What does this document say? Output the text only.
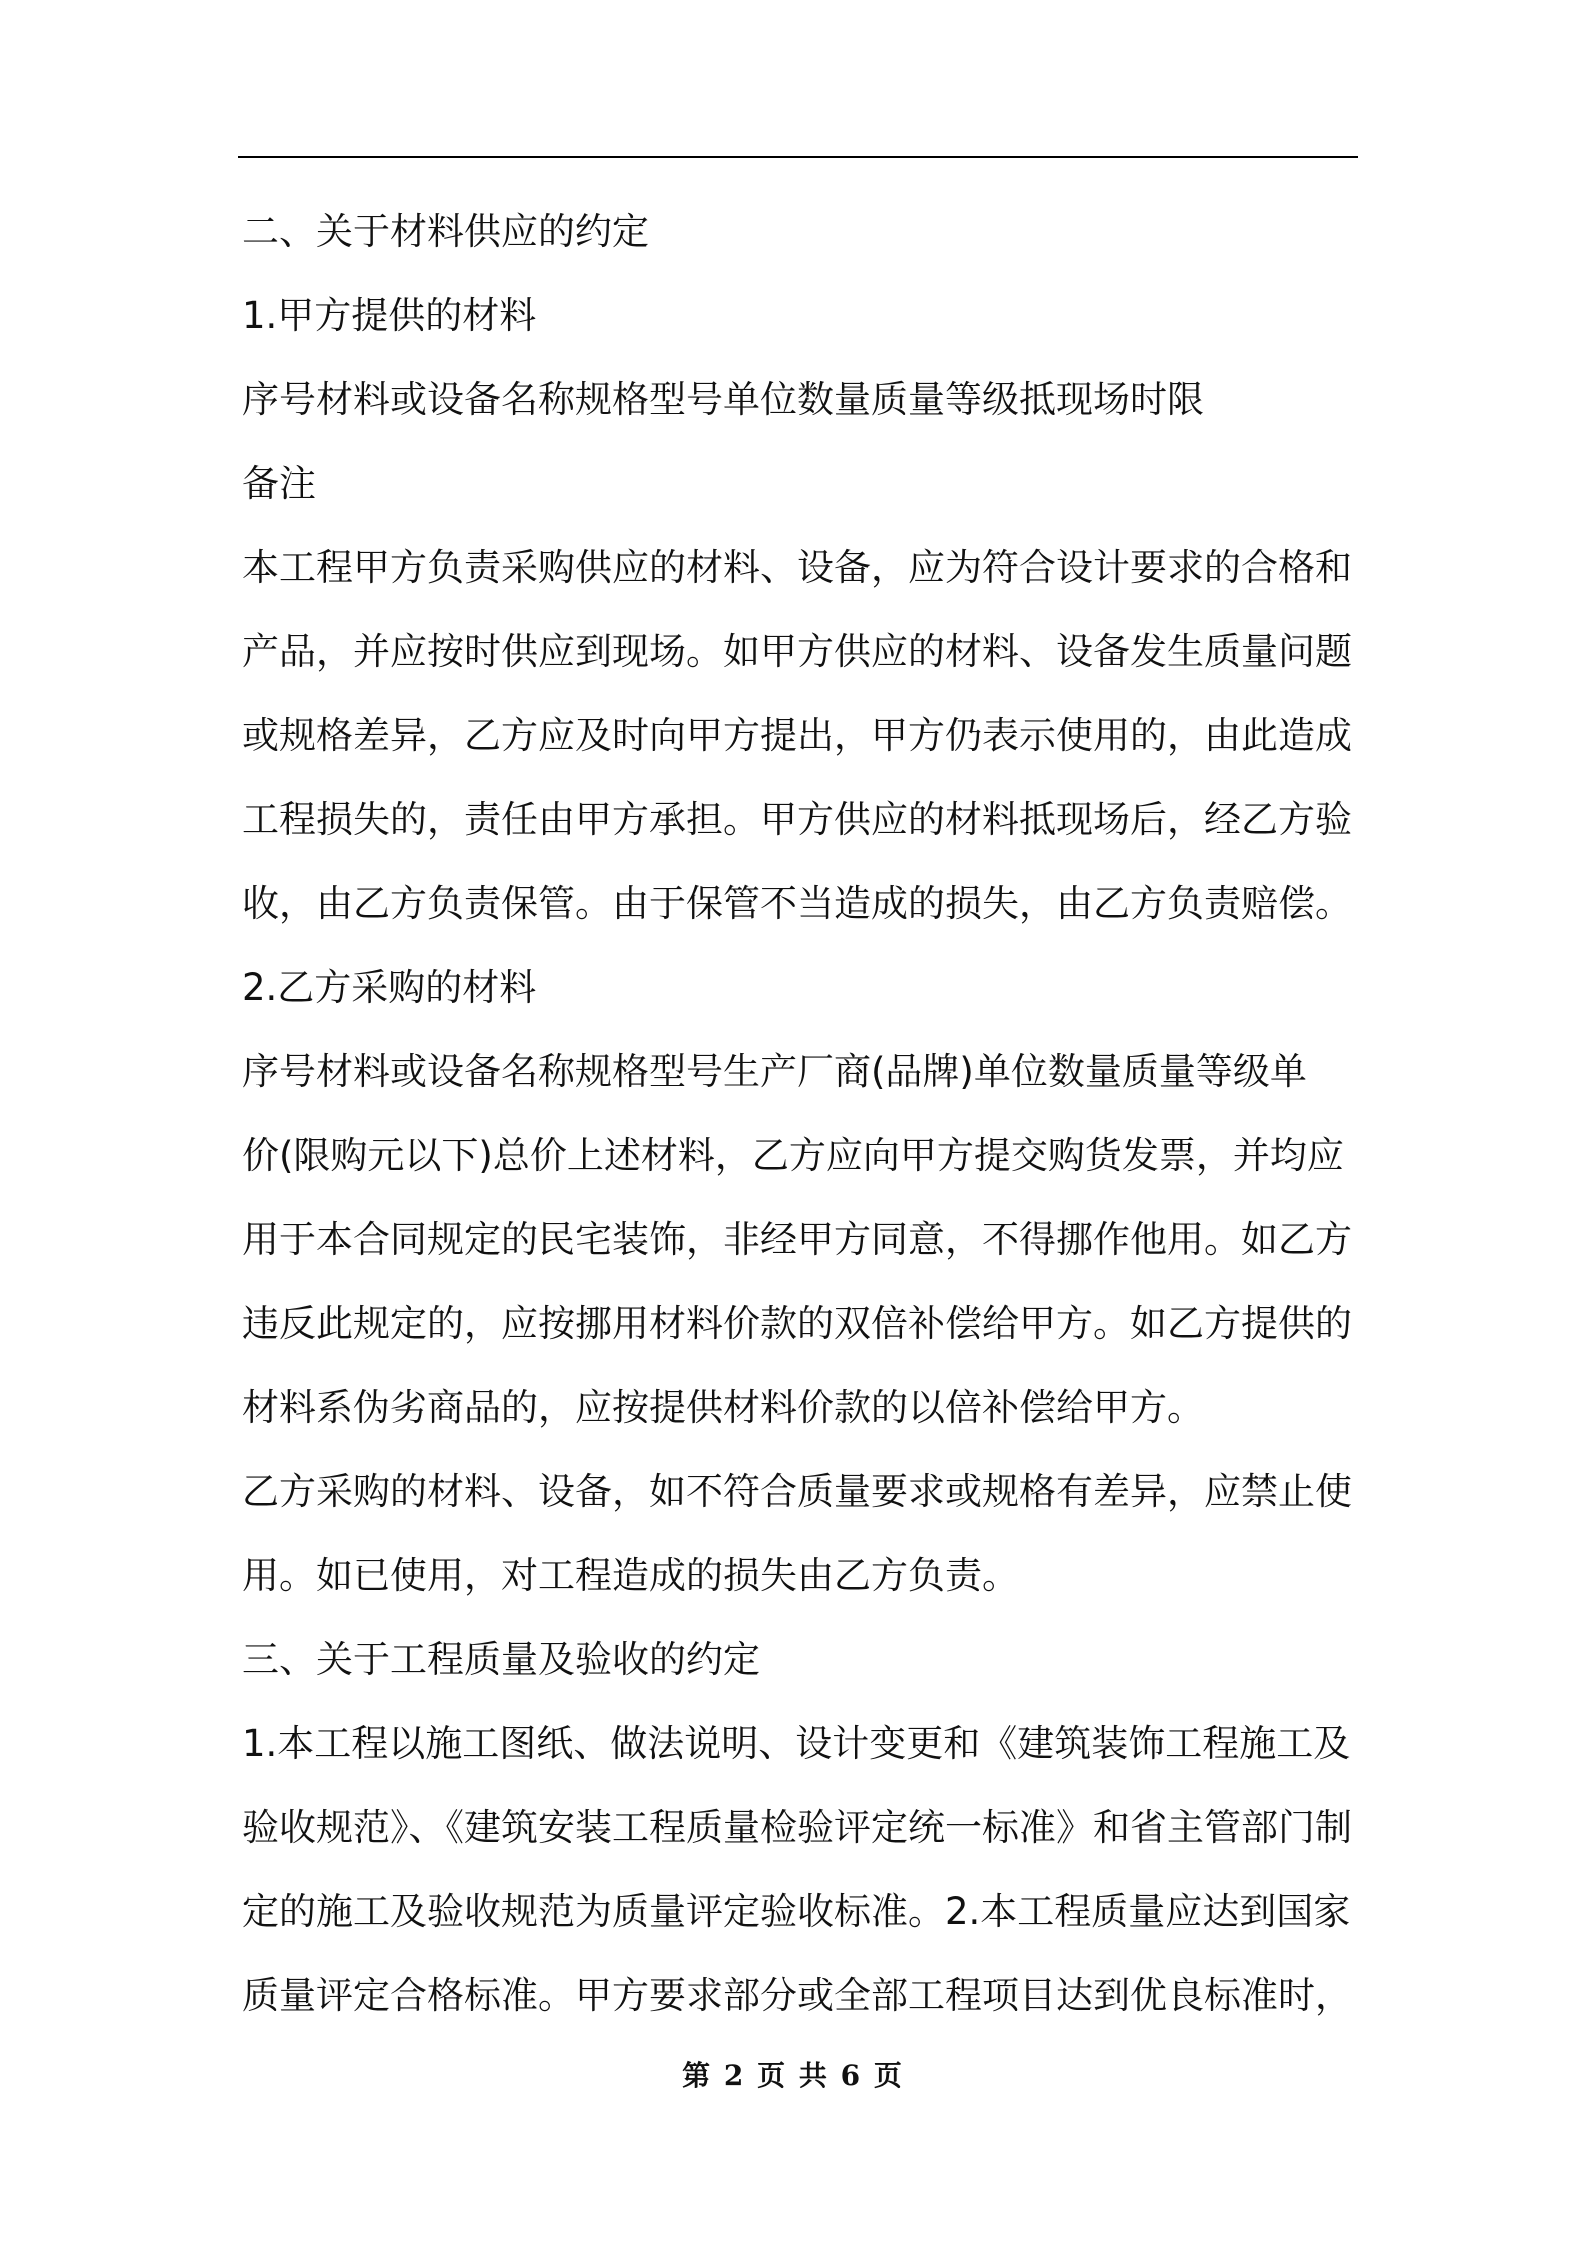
二、关于材料供应的约定
1.甲方提供的材料
序号材料或设备名称规格型号单位数量质量等级抵现场时限
备注
本工程甲方负责采购供应的材料、设备，应为符合设计要求的合格和
产品，并应按时供应到现场。如甲方供应的材料、设备发生质量问题
或规格差异，乙方应及时向甲方提出，甲方仍表示使用的，由此造成
工程损失的，责任由甲方承担。甲方供应的材料抵现场后，经乙方验
收，由乙方负责保管。由于保管不当造成的损失，由乙方负责赔偿。
2.乙方采购的材料
序号材料或设备名称规格型号生产厂商(品牌)单位数量质量等级单
价(限购元以下)总价上述材料，乙方应向甲方提交购货发票，并均应
用于本合同规定的民宅装饰，非经甲方同意，不得挪作他用。如乙方
违反此规定的，应按挪用材料价款的双倍补偿给甲方。如乙方提供的
材料系伪劣商品的，应按提供材料价款的以倍补偿给甲方。
乙方采购的材料、设备，如不符合质量要求或规格有差异，应禁止使
用。如已使用，对工程造成的损失由乙方负责。
三、关于工程质量及验收的约定
1.本工程以施工图纸、做法说明、设计变更和《建筑装饰工程施工及
验收规范》、《建筑安装工程质量检验评定统一标准》和省主管部门制
定的施工及验收规范为质量评定验收标准。2.本工程质量应达到国家
质量评定合格标准。甲方要求部分或全部工程项目达到优良标准时，
第 2 页 共 6 页
